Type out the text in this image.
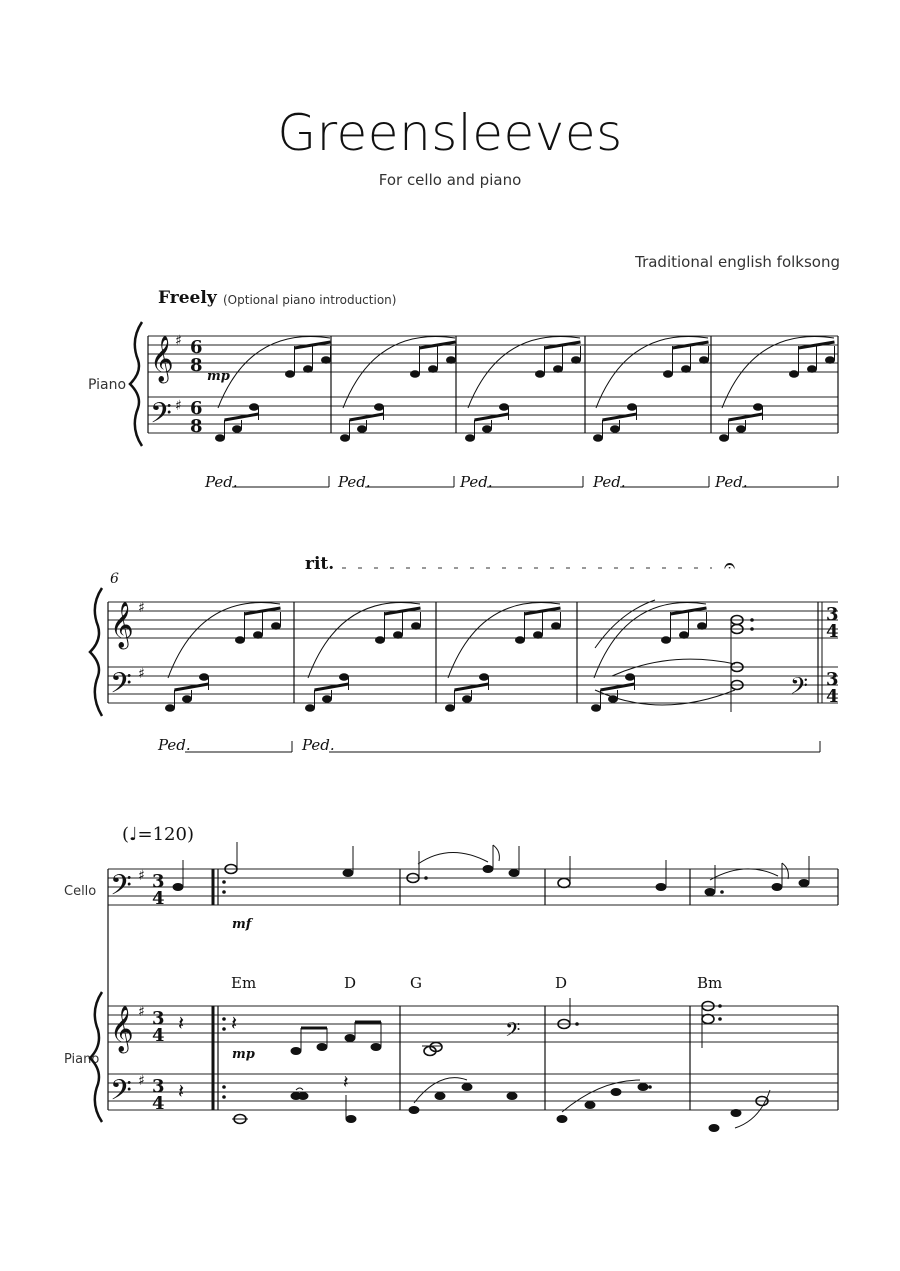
Greensleeves
For cello and piano
Traditional english folksong
Freely (Optional piano introduction)
Piano
𝄞
𝄢
♯
♯
6
8
6
8
mp
Ped.	Ped.	Ped.	Ped.	Ped.
6
rit.	𝄐
𝄞
𝄢
♯
♯	𝄢
3
4
3
4
Ped.	Ped.
(♩=120)
Cello 𝄢 ♯ 3
4
mf
Em	D	G	D	Bm
Piano
𝄞
𝄢
♯
♯
3
4
3
4
𝄽
𝄽
𝄽
mp
𝄢
𝄽
